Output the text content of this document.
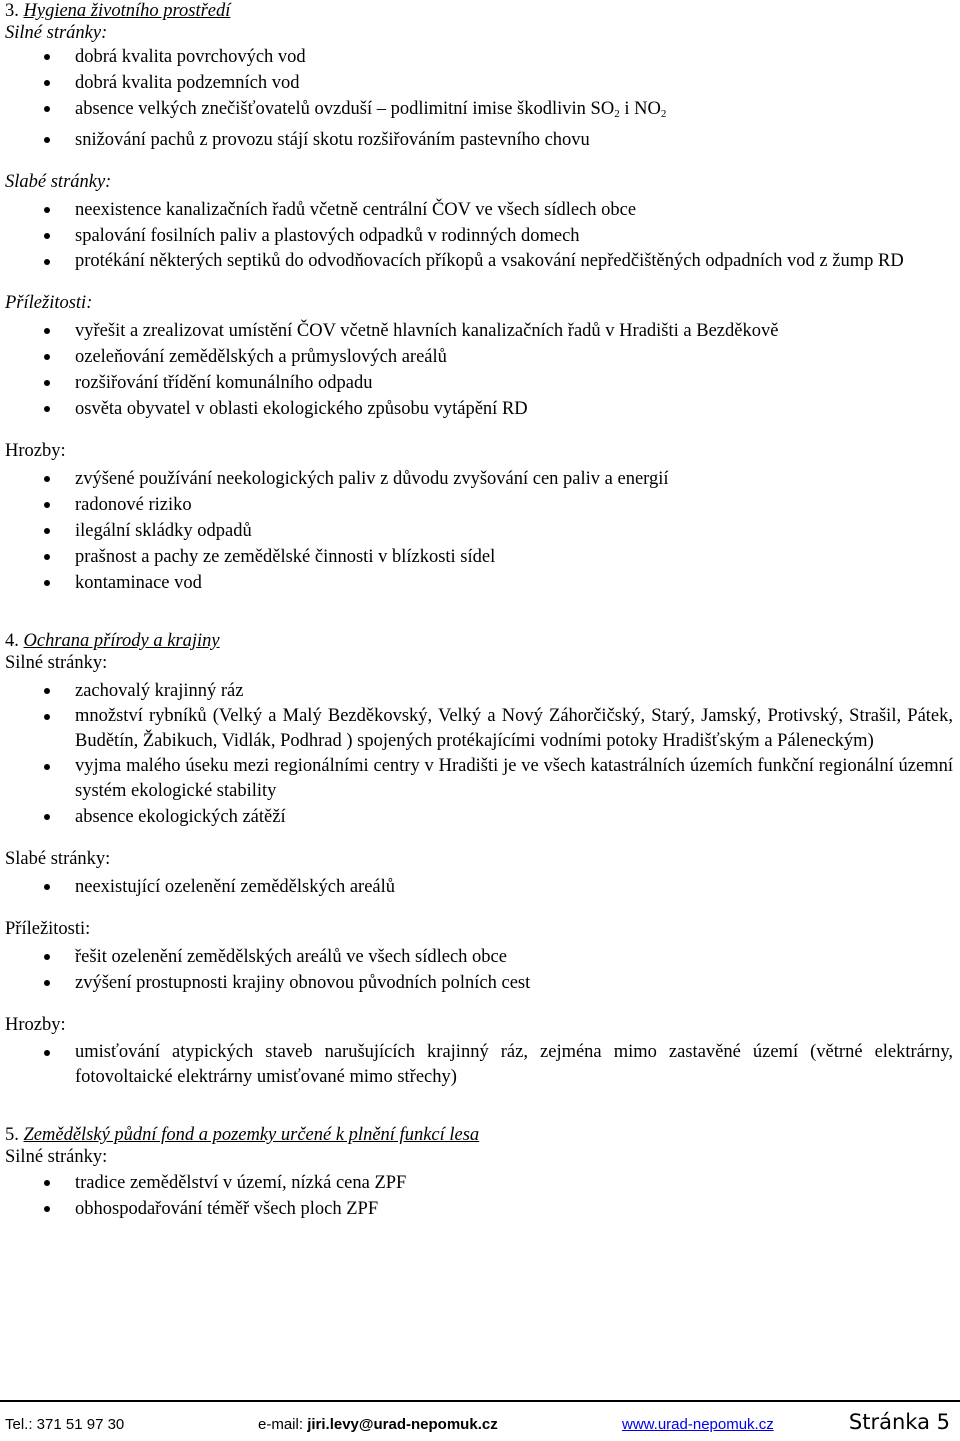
3. Hygiena životního prostředí

Silné stránky:

dobrá kvalita povrchových vod
dobrá kvalita podzemních vod
absence velkých znečišťovatelů ovzduší – podlimitní imise škodlivin $SO_2$ i $NO_2$
snižování pachů z provozu stájí skotu rozšiřováním pastevního chovu

Slabé stránky:

neexistence kanalizačních řadů včetně centrální ČOV ve všech sídlech obce
spalování fosilních paliv a plastových odpadků v rodinných domech
protékání některých septiků do odvodňovacích příkopů a vsakování nepředčištěných odpadních vod z žump RD

Příležitosti:

vyřešit a zrealizovat umístění ČOV včetně hlavních kanalizačních řadů v Hradišti a Bezděkově
ozeleňování zemědělských a průmyslových areálů
rozšiřování třídění komunálního odpadu
osvěta obyvatel v oblasti ekologického způsobu vytápění RD

Hrozby:

zvýšené používání neekologických paliv z důvodu zvyšování cen paliv a energií
radonové riziko
ilegální skládky odpadů
prašnost a pachy ze zemědělské činnosti v blízkosti sídel
kontaminace vod

4. Ochrana přírody a krajiny

Silné stránky:

zachovalý krajinný ráz
množství rybníků (Velký a Malý Bezděkovský, Velký a Nový Záhorčičský, Starý, Jamský, Protivský, Strašil, Pátek, Budětín, Žabikuch, Vidlák, Podhrad ) spojených protékajícími vodními potoky Hradišťským a Páleneckým)
vyjma malého úseku mezi regionálními centry v Hradišti je ve všech katastrálních územích funkční regionální územní systém ekologické stability
absence ekologických zátěží

Slabé stránky:

neexistující ozelenění zemědělských areálů

Příležitosti:

řešit ozelenění zemědělských areálů ve všech sídlech obce
zvýšení prostupnosti krajiny obnovou původních polních cest

Hrozby:

umisťování atypických staveb narušujících krajinný ráz, zejména mimo zastavěné území (větrné elektrárny, fotovoltaické elektrárny umisťované mimo střechy)

5. Zemědělský půdní fond a pozemky určené k plnění funkcí lesa

Silné stránky:

tradice zemědělství v území, nízká cena ZPF
obhospodařování téměř všech ploch ZPF
Tel.: 371 51 97 30	e-mail: jiri.levy@urad-nepomuk.cz	www.urad-nepomuk.cz	Stránka 5
